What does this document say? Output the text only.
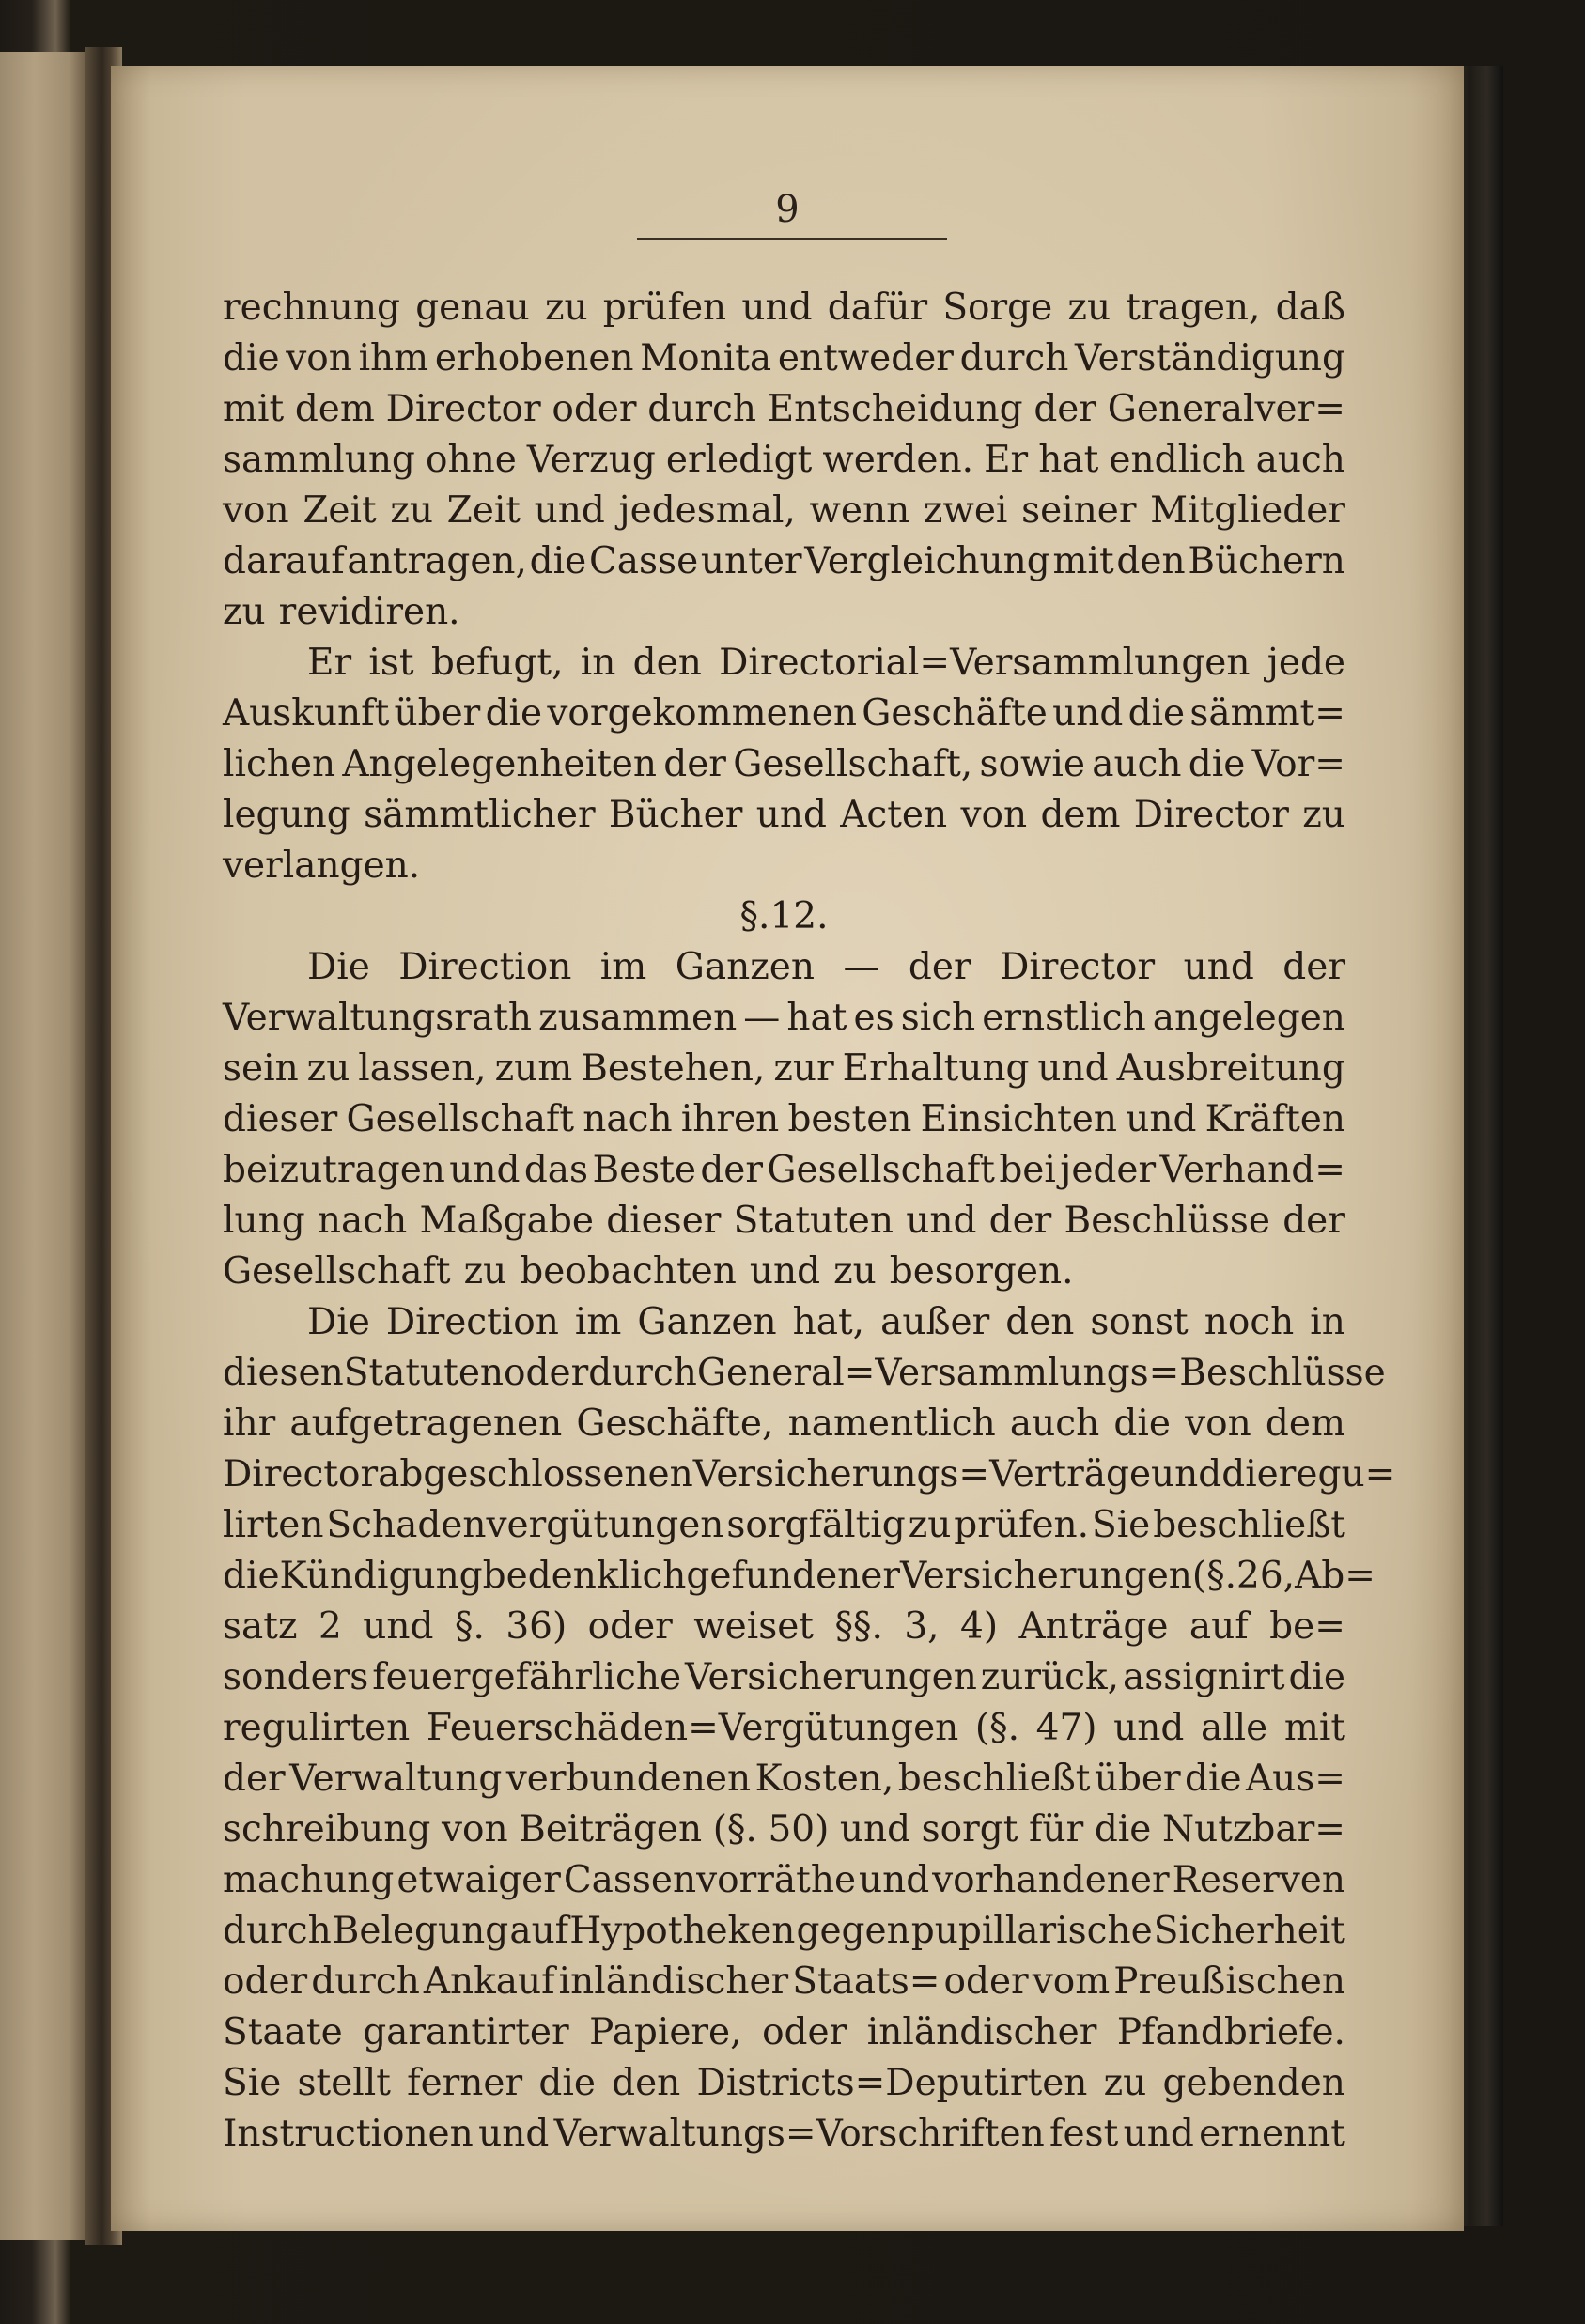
9
rechnung genau zu prüfen und dafür Sorge zu tragen, daß
die von ihm erhobenen Monita entweder durch Verständigung
mit dem Director oder durch Entscheidung der Generalver=
sammlung ohne Verzug erledigt werden. Er hat endlich auch
von Zeit zu Zeit und jedesmal, wenn zwei seiner Mitglieder
darauf antragen, die Casse unter Vergleichung mit den Büchern
zu revidiren.
Er ist befugt, in den Directorial=Versammlungen jede
Auskunft über die vorgekommenen Geschäfte und die sämmt=
lichen Angelegenheiten der Gesellschaft, sowie auch die Vor=
legung sämmtlicher Bücher und Acten von dem Director zu
verlangen.
§. 12.
Die Direction im Ganzen — der Director und der
Verwaltungsrath zusammen — hat es sich ernstlich angelegen
sein zu lassen, zum Bestehen, zur Erhaltung und Ausbreitung
dieser Gesellschaft nach ihren besten Einsichten und Kräften
beizutragen und das Beste der Gesellschaft bei jeder Verhand=
lung nach Maßgabe dieser Statuten und der Beschlüsse der
Gesellschaft zu beobachten und zu besorgen.
Die Direction im Ganzen hat, außer den sonst noch in
diesen Statuten oder durch General=Versammlungs=Beschlüsse
ihr aufgetragenen Geschäfte, namentlich auch die von dem
Director abgeschlossenen Versicherungs=Verträge und die regu=
lirten Schadenvergütungen sorgfältig zu prüfen. Sie beschließt
die Kündigung bedenklich gefundener Versicherungen (§. 26, Ab=
satz 2 und §. 36) oder weiset §§. 3, 4) Anträge auf be=
sonders feuergefährliche Versicherungen zurück, assignirt die
regulirten Feuerschäden=Vergütungen (§. 47) und alle mit
der Verwaltung verbundenen Kosten, beschließt über die Aus=
schreibung von Beiträgen (§. 50) und sorgt für die Nutzbar=
machung etwaiger Cassenvorräthe und vorhandener Reserven
durch Belegung auf Hypotheken gegen pupillarische Sicherheit
oder durch Ankauf inländischer Staats= oder vom Preußischen
Staate garantirter Papiere, oder inländischer Pfandbriefe.
Sie stellt ferner die den Districts=Deputirten zu gebenden
Instructionen und Verwaltungs=Vorschriften fest und ernennt
